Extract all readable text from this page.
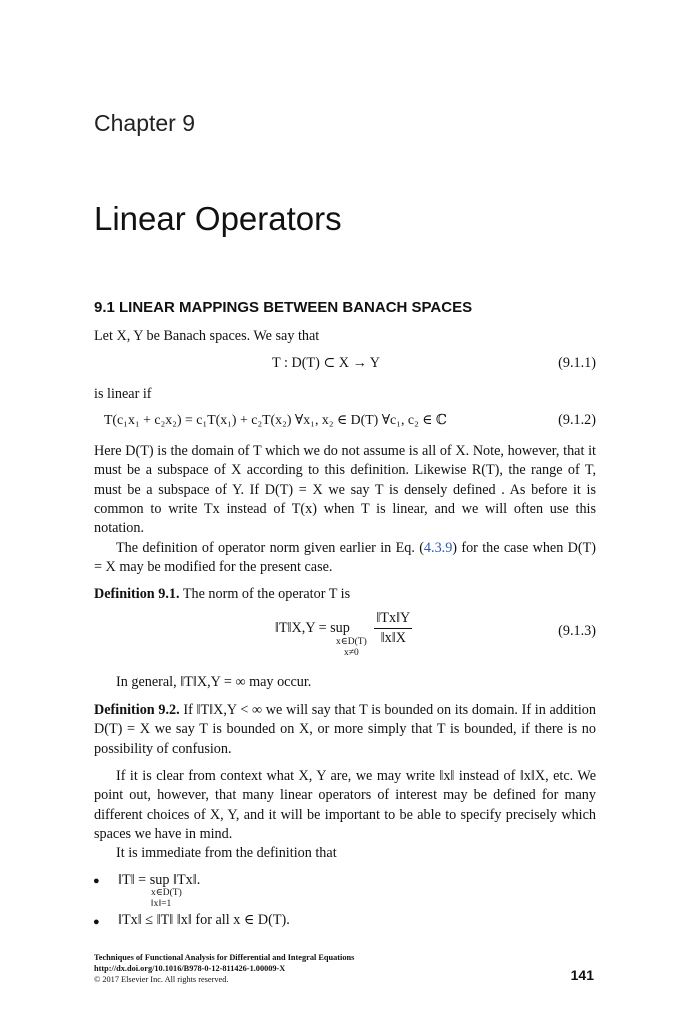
Chapter 9
Linear Operators
9.1 LINEAR MAPPINGS BETWEEN BANACH SPACES
Let X, Y be Banach spaces. We say that
T : D(T) ⊂ X → Y	(9.1.1)
is linear if
T(c₁x₁ + c₂x₂) = c₁T(x₁) + c₂T(x₂) ∀x₁, x₂ ∈ D(T) ∀c₁, c₂ ∈ ℂ	(9.1.2)
Here D(T) is the domain of T which we do not assume is all of X. Note, however, that it must be a subspace of X according to this definition. Likewise R(T), the range of T, must be a subspace of Y. If D(T) = X we say T is densely defined . As before it is common to write Tx instead of T(x) when T is linear, and we will often use this notation.
The definition of operator norm given earlier in Eq. (4.3.9) for the case when D(T) = X may be modified for the present case.
Definition 9.1. The norm of the operator T is
‖T‖X,Y = sup
x∈D(T)
x≠0

$\frac{‖Tx‖Y}{‖x‖X}$	(9.1.3)
In general, ‖T‖X,Y = ∞ may occur.
Definition 9.2. If ‖T‖X,Y < ∞ we will say that T is bounded on its domain. If in addition D(T) = X we say T is bounded on X, or more simply that T is bounded, if there is no possibility of confusion.
If it is clear from context what X, Y are, we may write ‖x‖ instead of ‖x‖X, etc. We point out, however, that many linear operators of interest may be defined for many different choices of X, Y, and it will be important to be able to specify precisely which spaces we have in mind.
It is immediate from the definition that
● ‖T‖ = sup ‖Tx‖.
x∈D(T)
‖x‖=1
● ‖Tx‖ ≤ ‖T‖ ‖x‖ for all x ∈ D(T).
Techniques of Functional Analysis for Differential and Integral Equations
http://dx.doi.org/10.1016/B978-0-12-811426-1.00009-X
© 2017 Elsevier Inc. All rights reserved.	141
